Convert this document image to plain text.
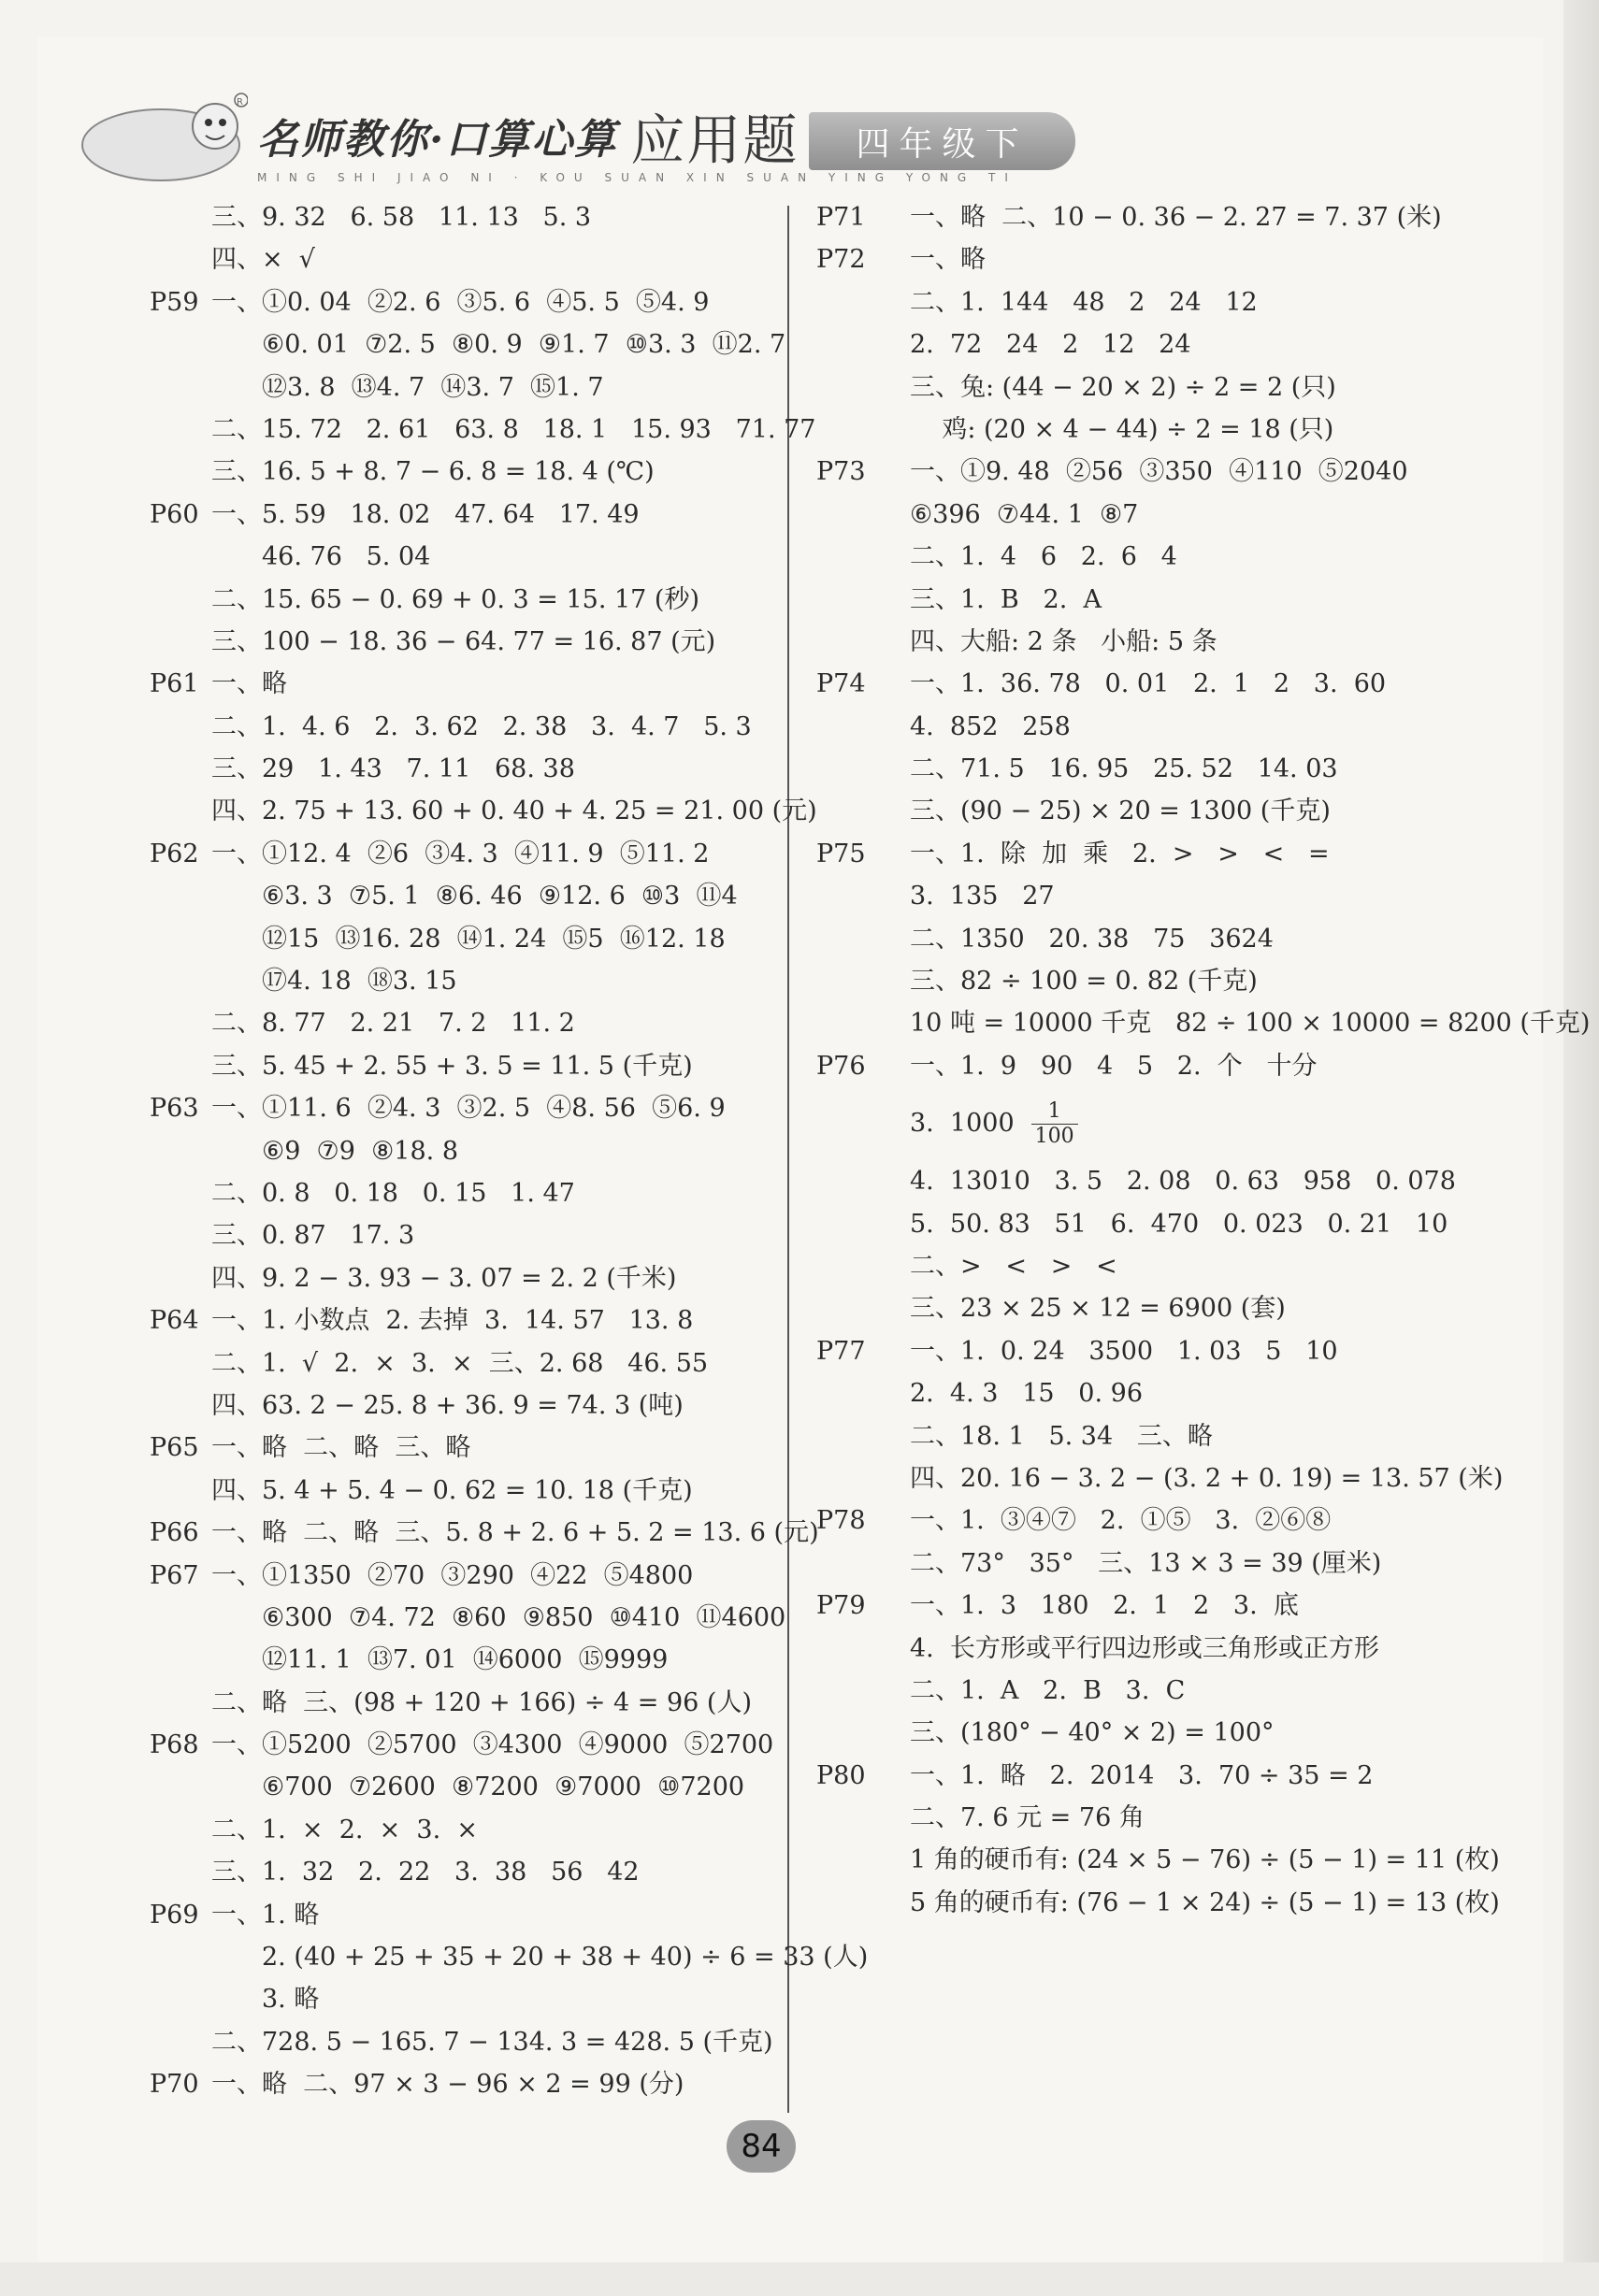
R
名师教你·口算心算 应用题
MING SHI JIAO NI · KOU SUAN XIN SUAN YING YONG TI
四年级下
三、9. 32   6. 58   11. 13   5. 3
四、×  √
P59 一、①0. 04  ②2. 6  ③5. 6  ④5. 5  ⑤4. 9
⑥0. 01  ⑦2. 5  ⑧0. 9  ⑨1. 7  ⑩3. 3  ⑪2. 7
⑫3. 8  ⑬4. 7  ⑭3. 7  ⑮1. 7
二、15. 72   2. 61   63. 8   18. 1   15. 93   71. 77
三、16. 5 + 8. 7 − 6. 8 = 18. 4 (℃)
P60 一、5. 59   18. 02   47. 64   17. 49
46. 76   5. 04
二、15. 65 − 0. 69 + 0. 3 = 15. 17 (秒)
三、100 − 18. 36 − 64. 77 = 16. 87 (元)
P61 一、略
二、1.  4. 6   2.  3. 62   2. 38   3.  4. 7   5. 3
三、29   1. 43   7. 11   68. 38
四、2. 75 + 13. 60 + 0. 40 + 4. 25 = 21. 00 (元)
P62 一、①12. 4  ②6  ③4. 3  ④11. 9  ⑤11. 2
⑥3. 3  ⑦5. 1  ⑧6. 46  ⑨12. 6  ⑩3  ⑪4
⑫15  ⑬16. 28  ⑭1. 24  ⑮5  ⑯12. 18
⑰4. 18  ⑱3. 15
二、8. 77   2. 21   7. 2   11. 2
三、5. 45 + 2. 55 + 3. 5 = 11. 5 (千克)
P63 一、①11. 6  ②4. 3  ③2. 5  ④8. 56  ⑤6. 9
⑥9  ⑦9  ⑧18. 8
二、0. 8   0. 18   0. 15   1. 47
三、0. 87   17. 3
四、9. 2 − 3. 93 − 3. 07 = 2. 2 (千米)
P64 一、1. 小数点  2. 去掉  3.  14. 57   13. 8
二、1.  √  2.  ×  3.  ×  三、2. 68   46. 55
四、63. 2 − 25. 8 + 36. 9 = 74. 3 (吨)
P65 一、略  二、略  三、略
四、5. 4 + 5. 4 − 0. 62 = 10. 18 (千克)
P66 一、略  二、略  三、5. 8 + 2. 6 + 5. 2 = 13. 6 (元)
P67 一、①1350  ②70  ③290  ④22  ⑤4800
⑥300  ⑦4. 72  ⑧60  ⑨850  ⑩410  ⑪4600
⑫11. 1  ⑬7. 01  ⑭6000  ⑮9999
二、略  三、(98 + 120 + 166) ÷ 4 = 96 (人)
P68 一、①5200  ②5700  ③4300  ④9000  ⑤2700
⑥700  ⑦2600  ⑧7200  ⑨7000  ⑩7200
二、1.  ×  2.  ×  3.  ×
三、1.  32   2.  22   3.  38   56   42
P69 一、1. 略
2. (40 + 25 + 35 + 20 + 38 + 40) ÷ 6 = 33 (人)
3. 略
二、728. 5 − 165. 7 − 134. 3 = 428. 5 (千克)
P70 一、略  二、97 × 3 − 96 × 2 = 99 (分)
P71 一、略  二、10 − 0. 36 − 2. 27 = 7. 37 (米)
P72 一、略
二、1.  144   48   2   24   12
2.  72   24   2   12   24
三、兔: (44 − 20 × 2) ÷ 2 = 2 (只)
鸡: (20 × 4 − 44) ÷ 2 = 18 (只)
P73 一、①9. 48  ②56  ③350  ④110  ⑤2040
⑥396  ⑦44. 1  ⑧7
二、1.  4   6   2.  6   4
三、1.  B   2.  A
四、大船: 2 条   小船: 5 条
P74 一、1.  36. 78   0. 01   2.  1   2   3.  60
4.  852   258
二、71. 5   16. 95   25. 52   14. 03
三、(90 − 25) × 20 = 1300 (千克)
P75 一、1.  除  加  乘   2.  >   >   <   =
3.  135   27
二、1350   20. 38   75   3624
三、82 ÷ 100 = 0. 82 (千克)
10 吨 = 10000 千克   82 ÷ 100 × 10000 = 8200 (千克)
P76 一、1.  9   90   4   5   2.  个   十分
3.  $1000 \frac{1}{100}$
4.  13010   3. 5   2. 08   0. 63   958   0. 078
5.  50. 83   51   6.  470   0. 023   0. 21   10
二、>   <   >   <
三、23 × 25 × 12 = 6900 (套)
P77 一、1.  0. 24   3500   1. 03   5   10
2.  4. 3   15   0. 96
二、18. 1   5. 34   三、略
四、20. 16 − 3. 2 − (3. 2 + 0. 19) = 13. 57 (米)
P78 一、1.  ③④⑦   2.  ①⑤   3.  ②⑥⑧
二、73°   35°   三、13 × 3 = 39 (厘米)
P79 一、1.  3   180   2.  1   2   3.  底
4.  长方形或平行四边形或三角形或正方形
二、1.  A   2.  B   3.  C
三、(180° − 40° × 2) = 100°
P80 一、1.  略   2.  2014   3.  70 ÷ 35 = 2
二、7. 6 元 = 76 角
1 角的硬币有: (24 × 5 − 76) ÷ (5 − 1) = 11 (枚)
5 角的硬币有: (76 − 1 × 24) ÷ (5 − 1) = 13 (枚)
84
